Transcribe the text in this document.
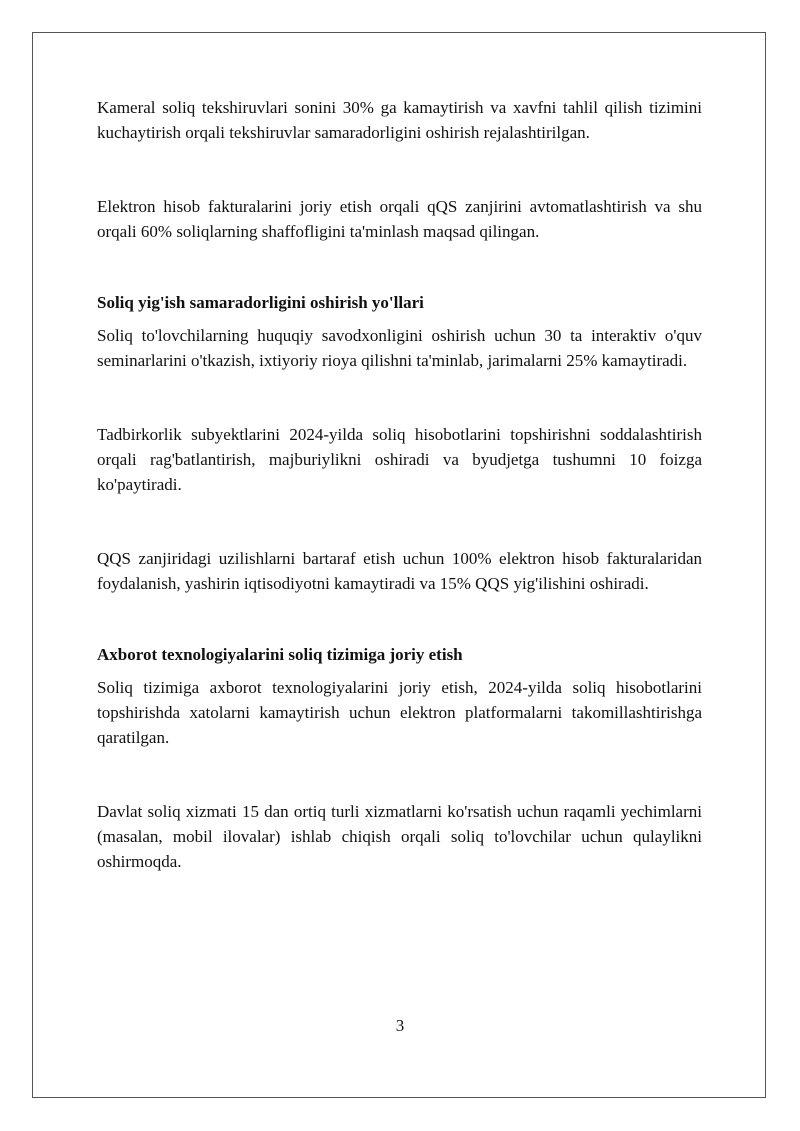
Kameral soliq tekshiruvlari sonini 30% ga kamaytirish va xavfni tahlil qilish tizimini kuchaytirish orqali tekshiruvlar samaradorligini oshirish rejalashtirilgan.

Elektron hisob fakturalarini joriy etish orqali qQS zanjirini avtomatlashtirish va shu orqali 60% soliqlarning shaffofligini ta'minlash maqsad qilingan.

Soliq yig'ish samaradorligini oshirish yo'llari

Soliq to'lovchilarning huquqiy savodxonligini oshirish uchun 30 ta interaktiv o'quv seminarlarini o'tkazish, ixtiyoriy rioya qilishni ta'minlab, jarimalarni 25% kamaytiradi.

Tadbirkorlik subyektlarini 2024-yilda soliq hisobotlarini topshirishni soddalashtirish orqali rag'batlantirish, majburiylikni oshiradi va byudjetga tushumni 10 foizga ko'paytiradi.

QQS zanjiridagi uzilishlarni bartaraf etish uchun 100% elektron hisob fakturalaridan foydalanish, yashirin iqtisodiyotni kamaytiradi va 15% QQS yig'ilishini oshiradi.

Axborot texnologiyalarini soliq tizimiga joriy etish

Soliq tizimiga axborot texnologiyalarini joriy etish, 2024-yilda soliq hisobotlarini topshirishda xatolarni kamaytirish uchun elektron platformalarni takomillashtirishga qaratilgan.

Davlat soliq xizmati 15 dan ortiq turli xizmatlarni ko'rsatish uchun raqamli yechimlarni (masalan, mobil ilovalar) ishlab chiqish orqali soliq to'lovchilar uchun qulaylikni oshirmoqda.

3
